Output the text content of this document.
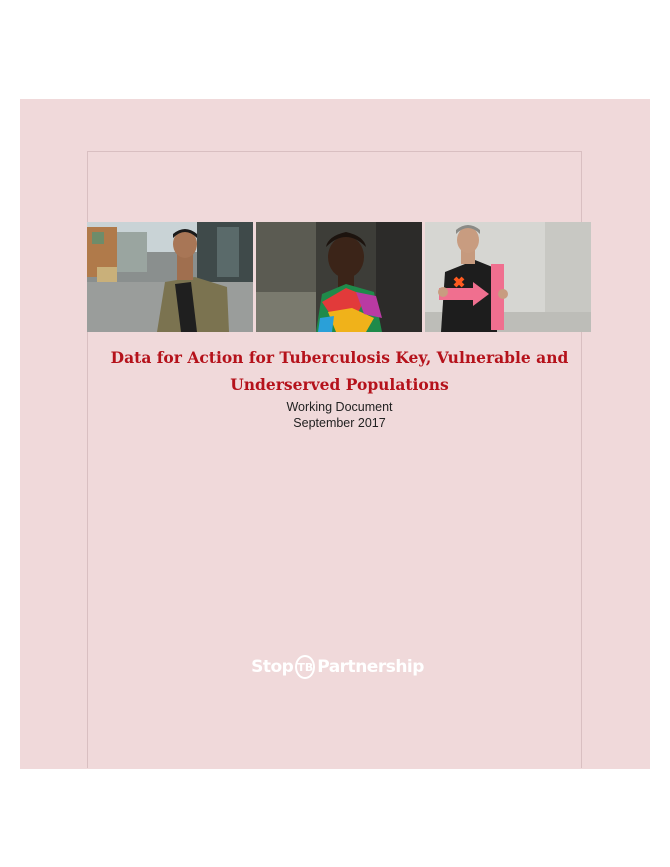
Data for Action for Tuberculosis Key, Vulnerable and
Underserved Populations
Working Document
September 2017
Stop TB Partnership
